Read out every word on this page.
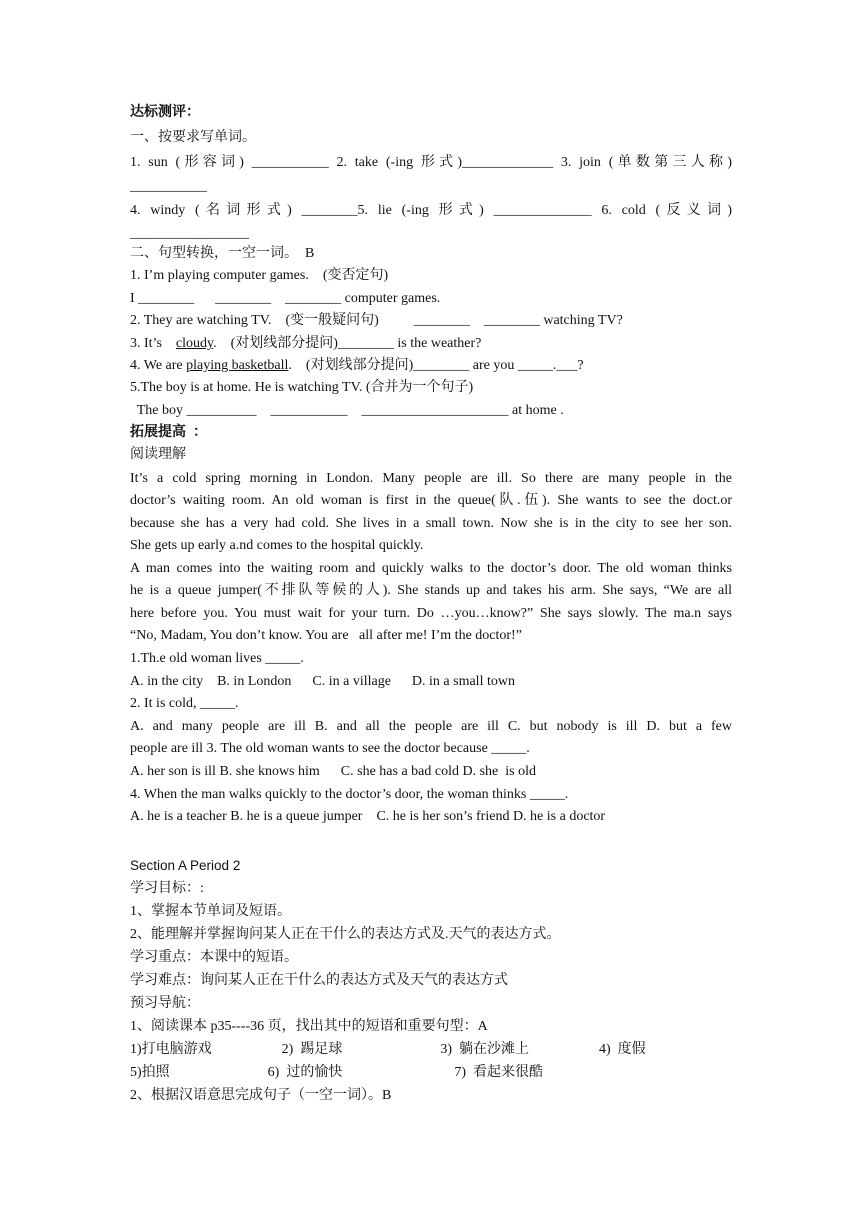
达标测评：
一、按要求写单词。
1. sun (形容词) ___________ 2. take (-ing 形式)_____________ 3. join (单数第三人称)
___________
4. windy (名词形式) ________5. lie (-ing 形式) ______________ 6. cold (反义词)
_________________
二、句型转换，一空一词。  B
1. I’m playing computer games.    (变否定句)
I ________      ________    ________ computer games.
2. They are watching TV.    (变一般疑问句)          ________    ________ watching TV?
3. It’s    cloudy.    (对划线部分提问)________ is the weather?
4. We are playing basketball.    (对划线部分提问)________ are you _____.___?
5.The boy is at home. He is watching TV. (合并为一个句子)
The boy __________    ___________    _____________________ at home .
拓展提高  ：
阅读理解
It’s a cold spring morning in London. Many people are ill. So there are many people in the
doctor’s waiting room. An old woman is first in the queue(队.伍). She wants to see the doct.or
because she has a very had cold. She lives in a small town. Now she is in the city to see her son.
She gets up early a.nd comes to the hospital quickly.
A man comes into the waiting room and quickly walks to the doctor’s door. The old woman thinks
he is a queue jumper(不排队等候的人). She stands up and takes his arm. She says, “We are all
here before you. You must wait for your turn. Do …you…know?” She says slowly. The ma.n says
“No, Madam, You don’t know. You are   all after me! I’m the doctor!”
1.Th.e old woman lives _____.
A. in the city    B. in London      C. in a village      D. in a small town
2. It is cold, _____.
A. and many people are ill B. and all the people are ill C. but nobody is ill D. but a few
people are ill 3. The old woman wants to see the doctor because _____.
A. her son is ill B. she knows him      C. she has a bad cold D. she  is old
4. When the man walks quickly to the doctor’s door, the woman thinks _____.
A. he is a teacher B. he is a queue jumper    C. he is her son’s friend D. he is a doctor
Section A Period 2
学习目标：:
1、掌握本节单词及短语。
2、能理解并掌握询问某人正在干什么的表达方式及.天气的表达方式。
学习重点：本课中的短语。
学习难点：询问某人正在干什么的表达方式及天气的表达方式
预习导航：
1、阅读课本 p35----36 页，找出其中的短语和重要句型：A
1)打电脑游戏                    2)  踢足球                            3)  躺在沙滩上                    4)  度假
5)拍照                            6)  过的愉快                                7)  看起来很酷
2、根据汉语意思完成句子（一空一词）。B
